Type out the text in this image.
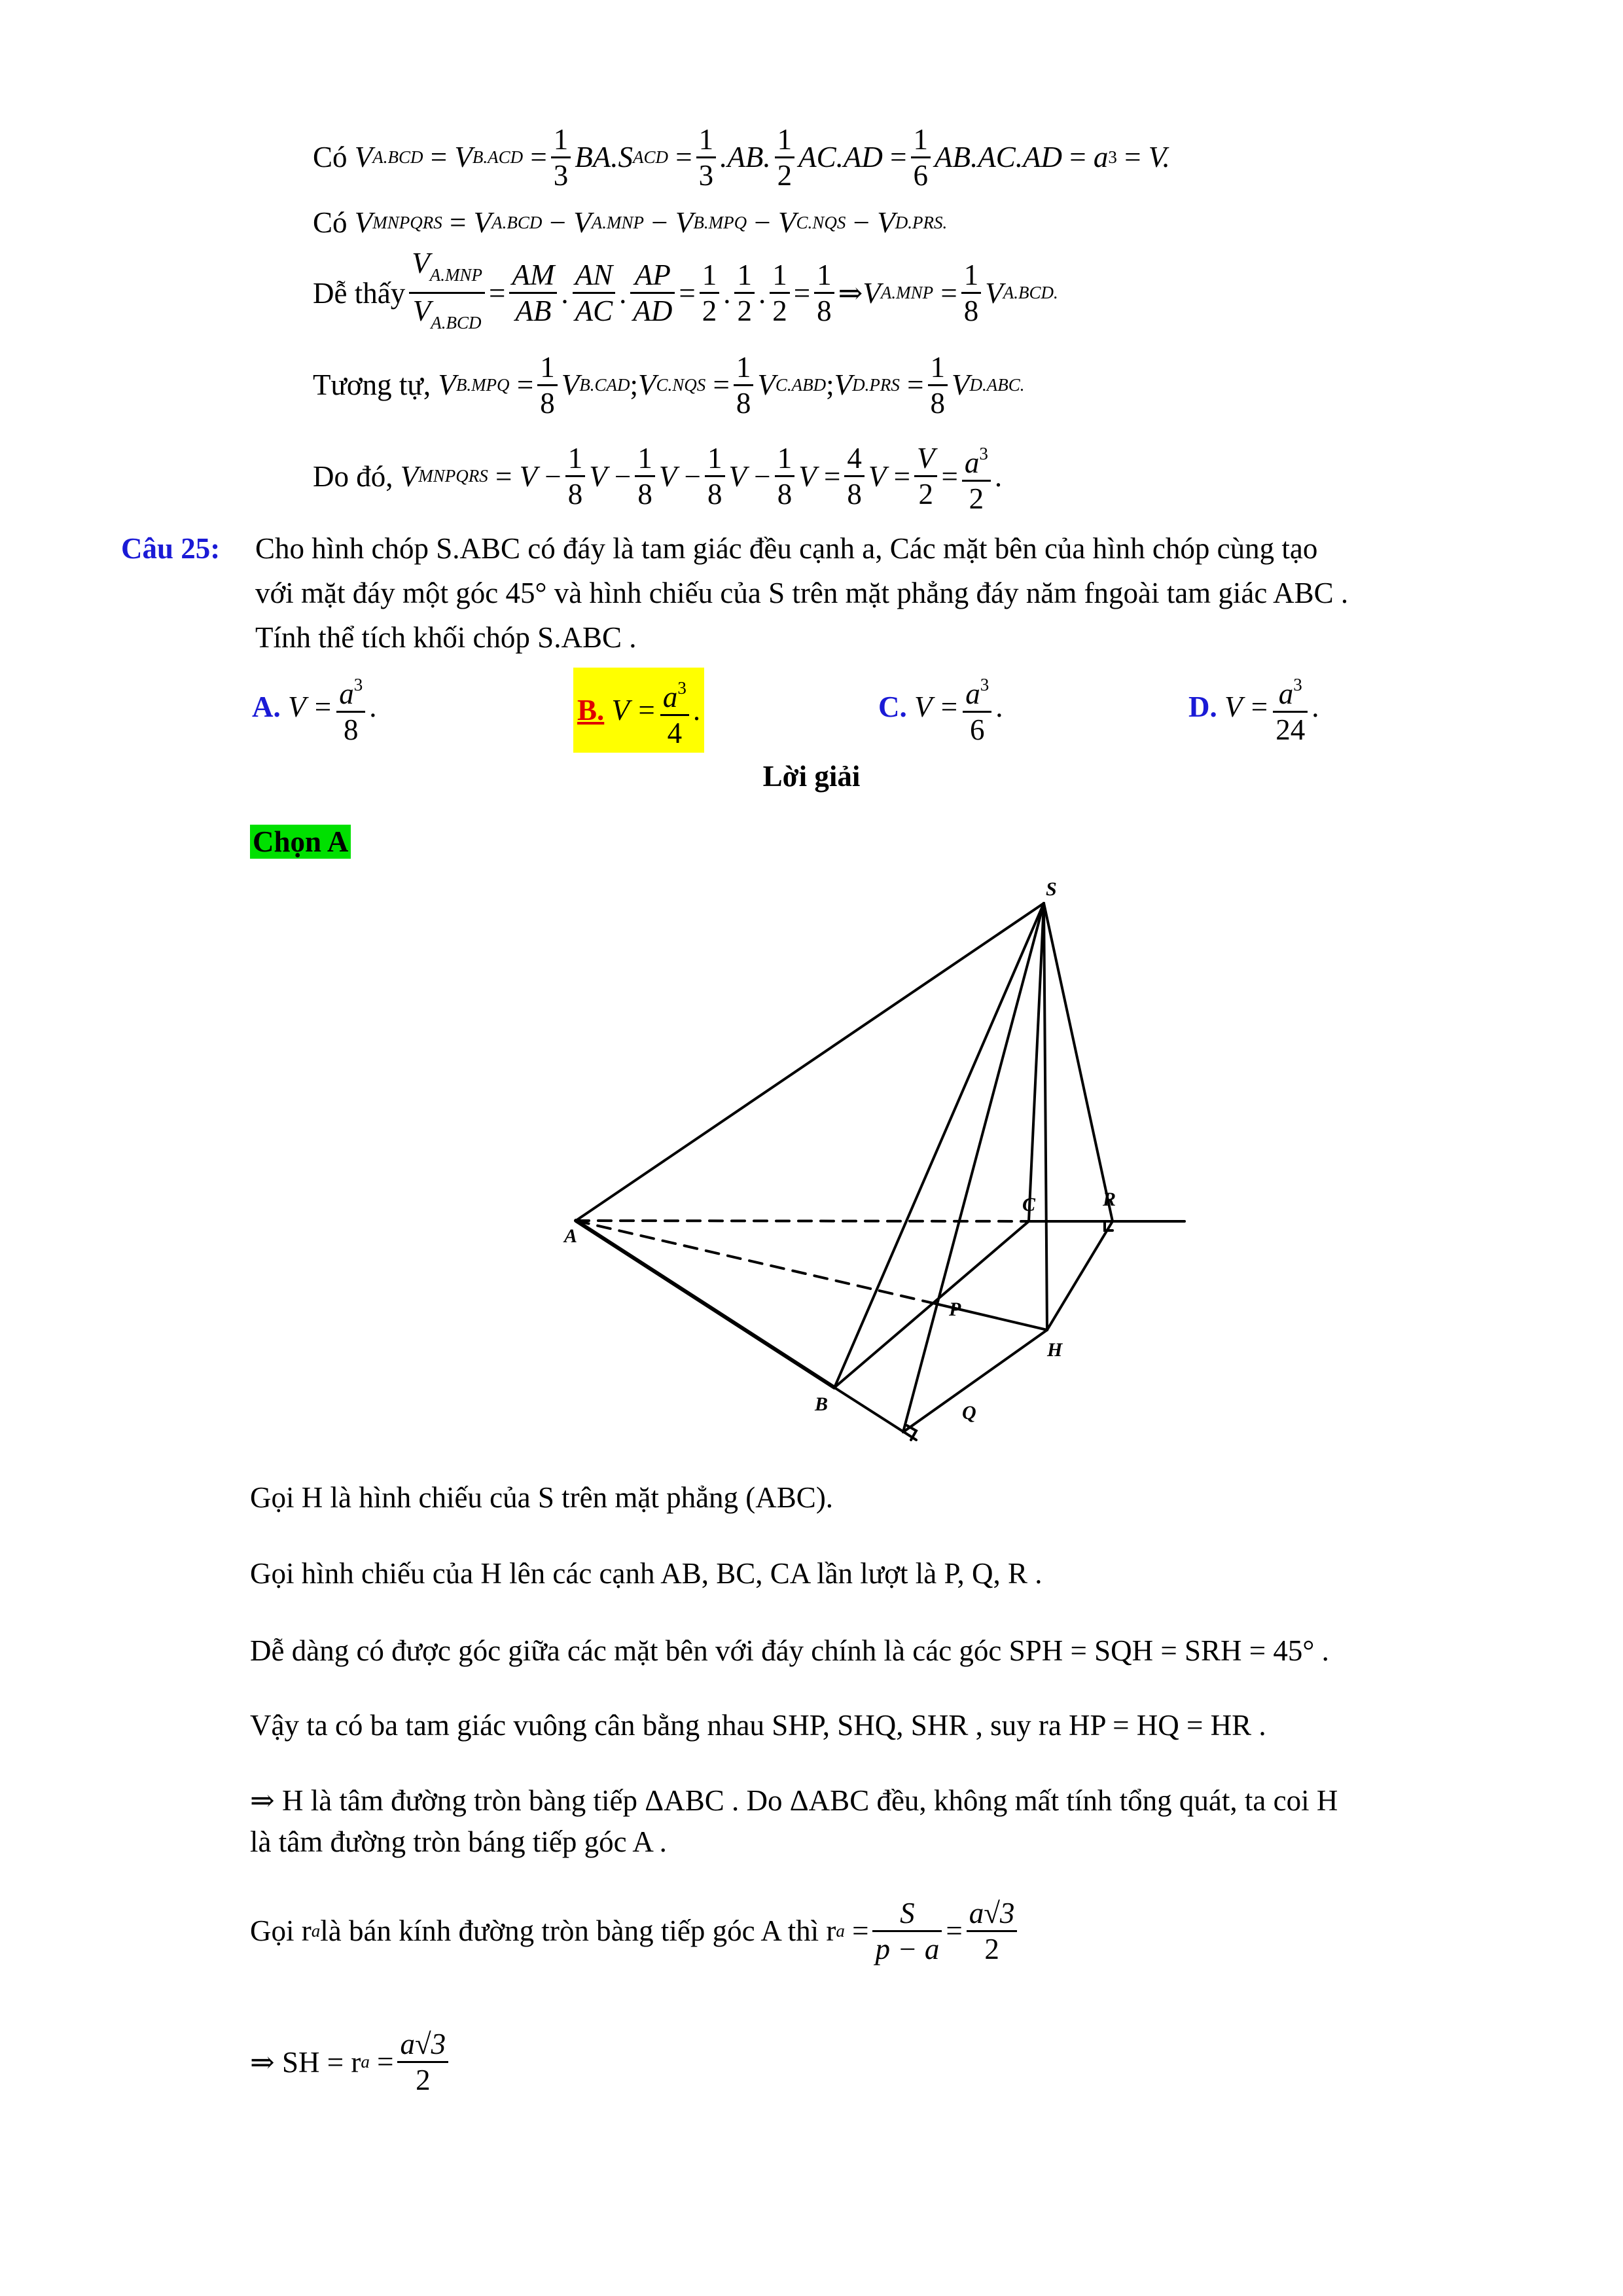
Có
V A.BCD = V $B.ACD = \frac{1}{3} BA.S$ ACD = $\frac{1}{3} .AB$. $\frac{1}{2} AC.AD = \frac{1}{6} AB.AC.AD = a$ 3 = V.
Có
V MNPQRS
=
V A.BCD
−
V A.MNP
−
V B.MPQ
−
V C.NQS
−
V D.PRS.
Dễ thấy $\frac{V_{A.MNP}}{V_{A.BCD}} = \frac{AM}{AB}$ . $\frac{AN}{AC}$ . $\frac{AP}{AD} = \frac{1}{2}$ . $\frac{1}{2}$ . $\frac{1}{2} = \frac{1}{8}$ ⇒ V $A.MNP = \frac{1}{8}$ V A.BCD.
Tương tự,
V $B.MPQ = \frac{1}{8}$ V B.CAD ; V $C.NQS = \frac{1}{8}$ V C.ABD ; V $D.PRS = \frac{1}{8}$ V D.ABC.
Do đó,
V MNPQRS = $V - \frac{1}{8}$ $V - \frac{1}{8}$ $V - \frac{1}{8}$ $V - \frac{1}{8}$ $V = \frac{4}{8}$ $V = \frac{V}{2} = \frac{a^3}{2}$ .
Câu 25: Cho hình chóp S.ABC có đáy là tam giác đều cạnh a, Các mặt bên của hình chóp cùng tạo
với mặt đáy một góc 45° và hình chiếu của S trên mặt phẳng đáy năm fngoài tam giác ABC .
Tính thể tích khối chóp S.ABC .
A.
$V = \frac{a^3}{8}$ .	B.
$V = \frac{a^3}{4}$ .	C.
$V = \frac{a^3}{6}$ .	D.
$V = \frac{a^3}{24}$ .
Lời giải
Chọn A
S
A
B
C	R
P
H
Q
Gọi H là hình chiếu của S trên mặt phẳng (ABC).
Gọi hình chiếu của H lên các cạnh AB, BC, CA lần lượt là P, Q, R .
Dễ dàng có được góc giữa các mặt bên với đáy chính là các góc SPH = SQH = SRH = 45° .
Vậy ta có ba tam giác vuông cân bằng nhau SHP, SHQ, SHR , suy ra HP = HQ = HR .
⇒ H là tâm đường tròn bàng tiếp ΔABC . Do ΔABC đều, không mất tính tổng quát, ta coi H
là tâm đường tròn báng tiếp góc A .
Gọi r a là bán kính đường tròn bàng tiếp góc A thì r $a = \frac{S}{p - a} = \frac{a√3}{2}$
⇒ SH = r $a = \frac{a√3}{2}$
